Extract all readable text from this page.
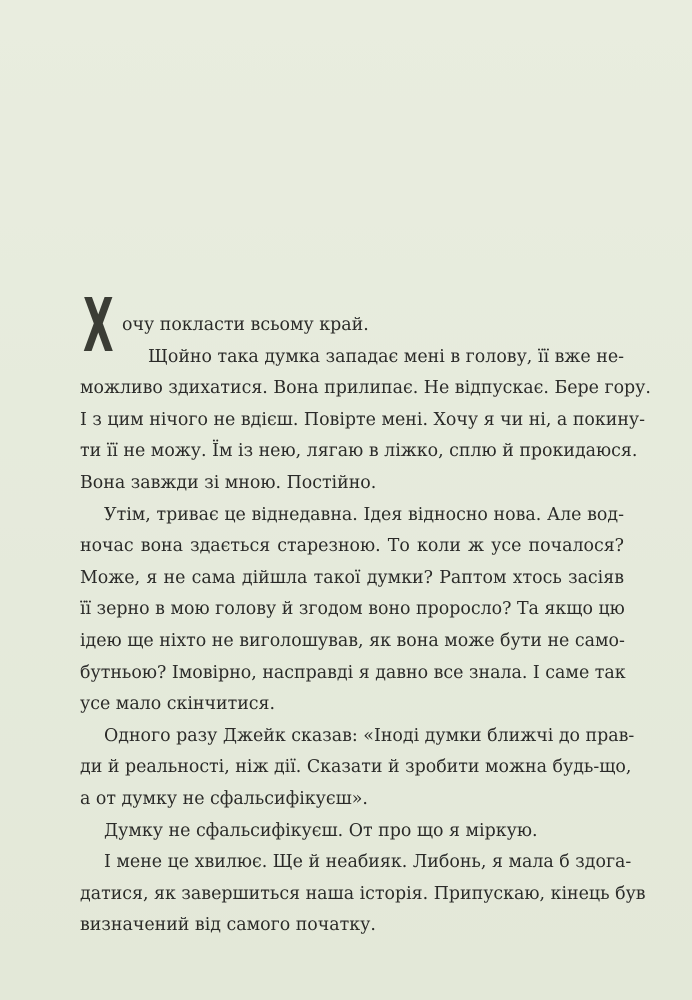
Х очу покласти всьому край.
Щойно така думка западає мені в голову, її вже не-
можливо здихатися. Вона прилипає. Не відпускає. Бере гору.
І з цим нічого не вдієш. Повірте мені. Хочу я чи ні, а покину-
ти її не можу. Їм із нею, лягаю в ліжко, сплю й прокидаюся.
Вона завжди зі мною. Постійно.
Утім, триває це віднедавна. Ідея відносно нова. Але вод-
ночас вона здається старезною. То коли ж усе почалося?
Може, я не сама дійшла такої думки? Раптом хтось засіяв
її зерно в мою голову й згодом воно проросло? Та якщо цю
ідею ще ніхто не виголошував, як вона може бути не само-
бутньою? Імовірно, насправді я давно все знала. І саме так
усе мало скінчитися.
Одного разу Джейк сказав: «Іноді думки ближчі до прав-
ди й реальності, ніж дії. Сказати й зробити можна будь-що,
а от думку не сфальсифікуєш».
Думку не сфальсифікуєш. От про що я міркую.
І мене це хвилює. Ще й неабияк. Либонь, я мала б здога-
датися, як завершиться наша історія. Припускаю, кінець був
визначений від самого початку.
